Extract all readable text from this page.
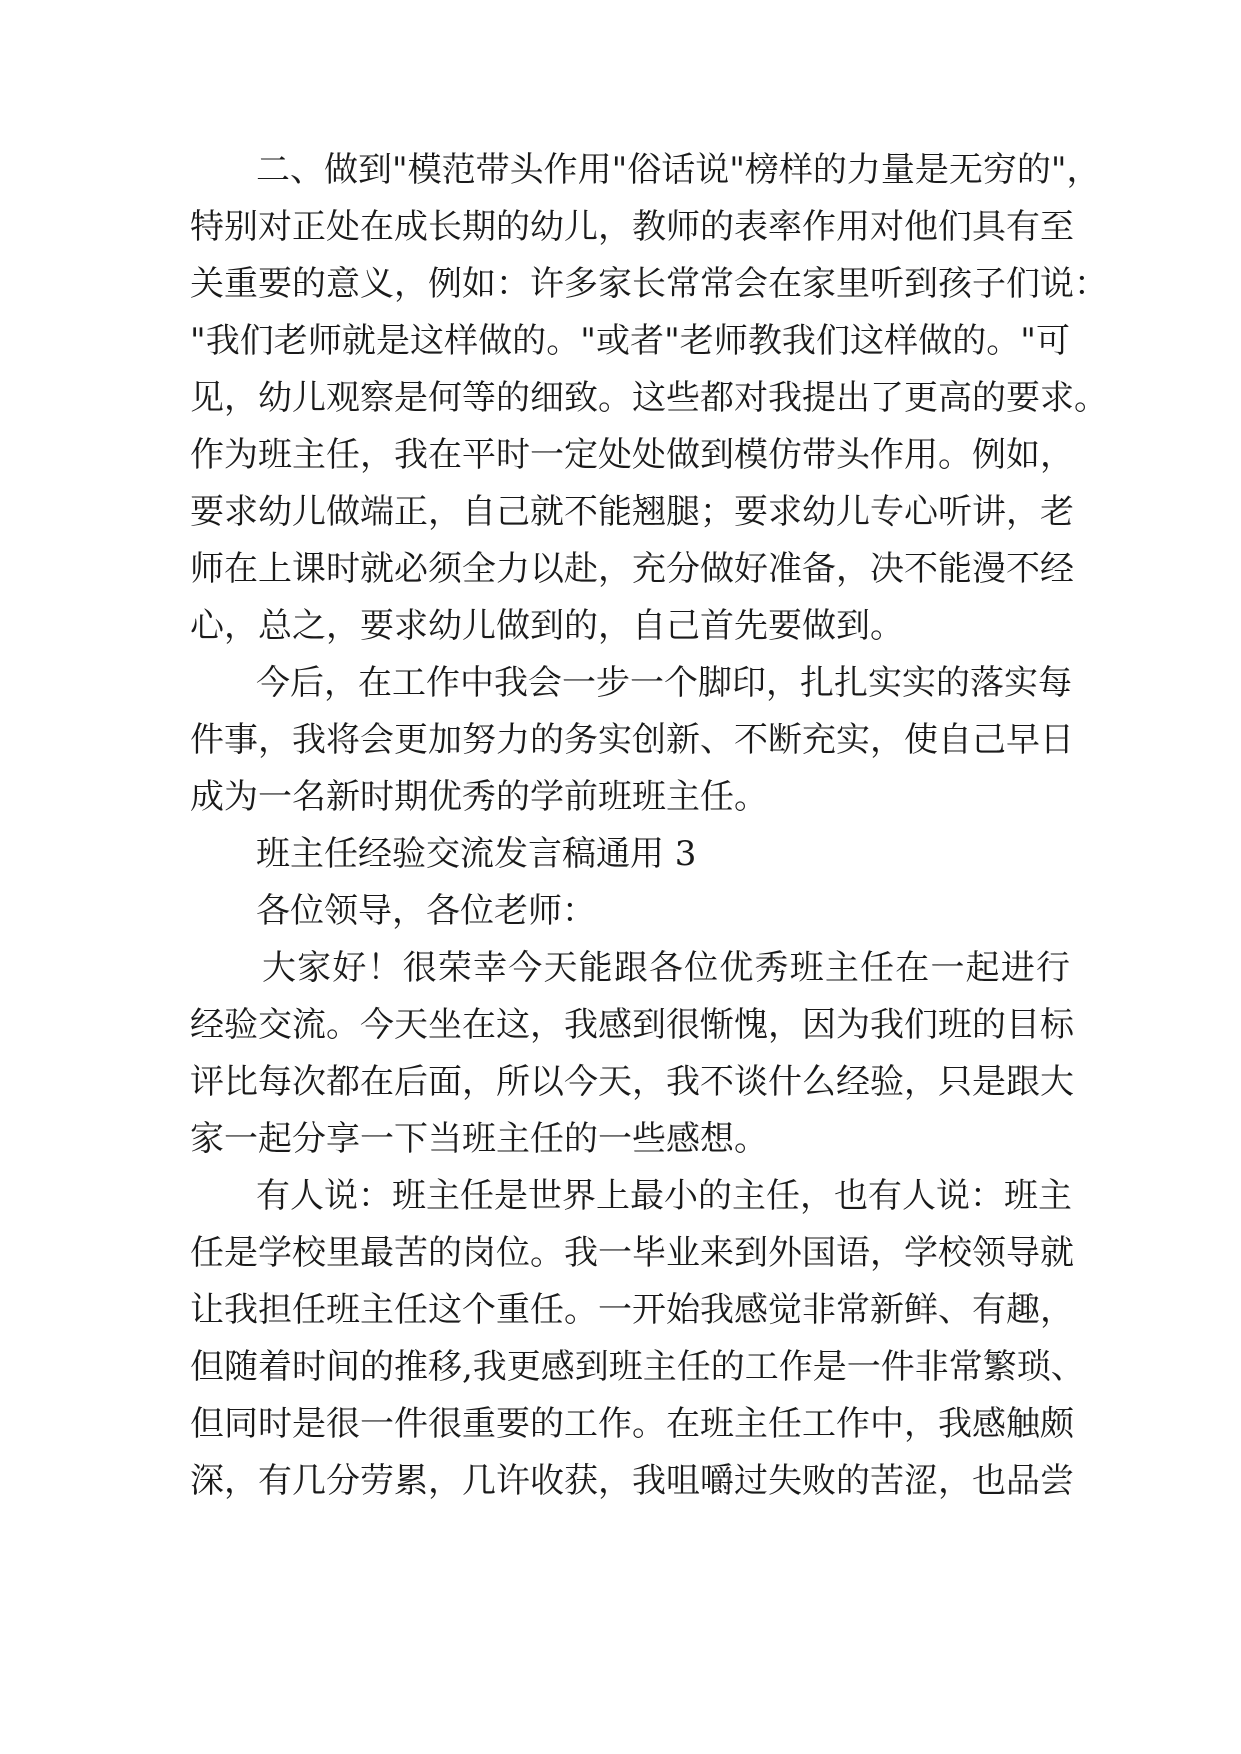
二、做到"模范带头作用"俗话说"榜样的力量是无穷的"，
特别对正处在成长期的幼儿，教师的表率作用对他们具有至
关重要的意义，例如：许多家长常常会在家里听到孩子们说：
"我们老师就是这样做的。"或者"老师教我们这样做的。"可
见，幼儿观察是何等的细致。这些都对我提出了更高的要求。
作为班主任，我在平时一定处处做到模仿带头作用。例如，
要求幼儿做端正，自己就不能翘腿；要求幼儿专心听讲，老
师在上课时就必须全力以赴，充分做好准备，决不能漫不经
心，总之，要求幼儿做到的，自己首先要做到。
今后，在工作中我会一步一个脚印，扎扎实实的落实每
件事，我将会更加努力的务实创新、不断充实，使自己早日
成为一名新时期优秀的学前班班主任。
班主任经验交流发言稿通用 3
各位领导，各位老师：
大家好！很荣幸今天能跟各位优秀班主任在一起进行
经验交流。今天坐在这，我感到很惭愧，因为我们班的目标
评比每次都在后面，所以今天，我不谈什么经验，只是跟大
家一起分享一下当班主任的一些感想。
有人说：班主任是世界上最小的主任，也有人说：班主
任是学校里最苦的岗位。我一毕业来到外国语，学校领导就
让我担任班主任这个重任。一开始我感觉非常新鲜、有趣，
但随着时间的推移,我更感到班主任的工作是一件非常繁琐、
但同时是很一件很重要的工作。在班主任工作中，我感触颇
深，有几分劳累，几许收获，我咀嚼过失败的苦涩，也品尝
